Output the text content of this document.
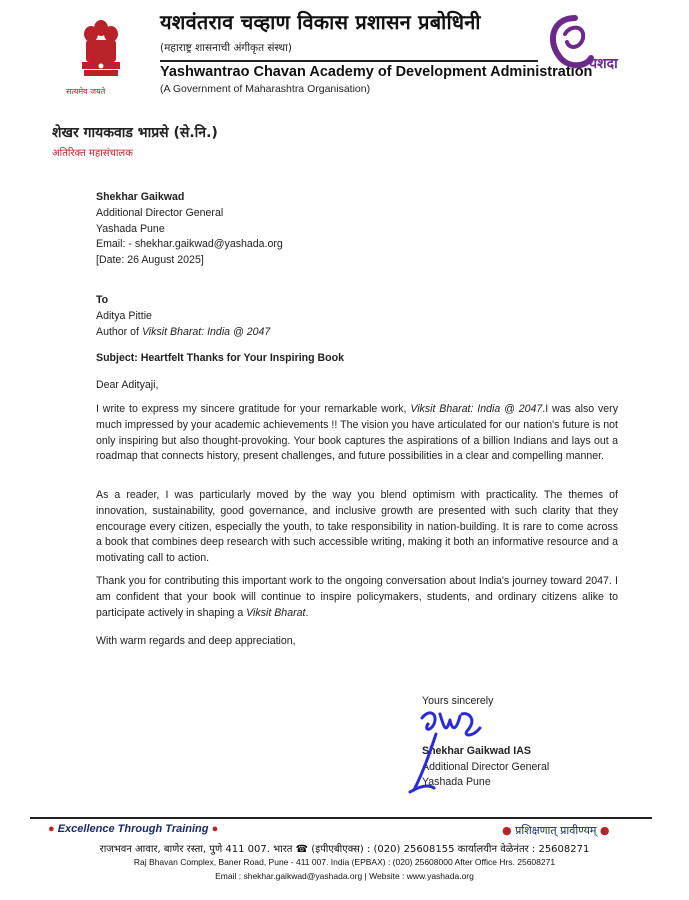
सत्यमेव जयते
यशवंतराव चव्हाण विकास प्रशासन प्रबोधिनी
(महाराष्ट्र शासनाची अंगीकृत संस्था)
Yashwantrao Chavan Academy of Development Administration
(A Government of Maharashtra Organisation)
यशदा
शेखर गायकवाड भाप्रसे (से.नि.)
अतिरिक्त महासंचालक
Shekhar Gaikwad
Additional Director General
Yashada Pune
Email: - shekhar.gaikwad@yashada.org
[Date: 26 August 2025]
To
Aditya Pittie
Author of Viksit Bharat: India @ 2047
Subject: Heartfelt Thanks for Your Inspiring Book
Dear Adityaji,
I write to express my sincere gratitude for your remarkable work, Viksit Bharat: India @ 2047.I was also very much impressed by your academic achievements !! The vision you have articulated for our nation's future is not only inspiring but also thought-provoking. Your book captures the aspirations of a billion Indians and lays out a roadmap that connects history, present challenges, and future possibilities in a clear and compelling manner.
As a reader, I was particularly moved by the way you blend optimism with practicality. The themes of innovation, sustainability, good governance, and inclusive growth are presented with such clarity that they encourage every citizen, especially the youth, to take responsibility in nation-building. It is rare to come across a book that combines deep research with such accessible writing, making it both an informative resource and a motivating call to action.
Thank you for contributing this important work to the ongoing conversation about India's journey toward 2047. I am confident that your book will continue to inspire policymakers, students, and ordinary citizens alike to participate actively in shaping a Viksit Bharat.
With warm regards and deep appreciation,
Yours sincerely
Shekhar Gaikwad IAS
Additional Director General
Yashada Pune
● Excellence Through Training ●	● प्रशिक्षणात् प्रावीण्यम् ●
राजभवन आवार, बाणेर रस्ता, पुणे 411 007. भारत ☎ (इपीएबीएक्स) : (020) 25608155 कार्यालयीन वेळेनंतर : 25608271
Raj Bhavan Complex, Baner Road, Pune - 411 007. India (EPBAX) : (020) 25608000 After Office Hrs. 25608271
Email : shekhar.gaikwad@yashada.org | Website : www.yashada.org
